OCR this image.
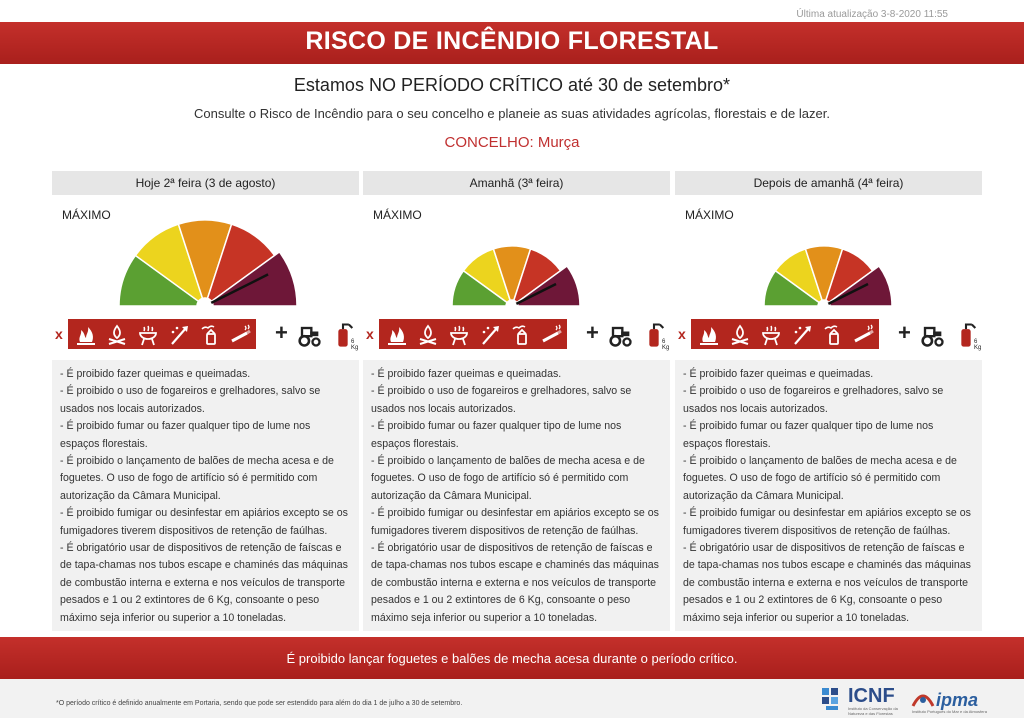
Última atualização 3-8-2020 11:55
RISCO DE INCÊNDIO FLORESTAL
Estamos NO PERÍODO CRÍTICO até 30 de setembro*
Consulte o Risco de Incêndio para o seu concelho e planeie as suas atividades agrícolas, florestais e de lazer.
CONCELHO: Murça
Hoje 2ª feira (3 de agosto)
MÁXIMO
x	+

- É proibido fazer queimas e queimadas.

- É proibido o uso de fogareiros e grelhadores, salvo se usados nos locais autorizados.

- É proibido fumar ou fazer qualquer tipo de lume nos espaços florestais.

- É proibido o lançamento de balões de mecha acesa e de foguetes. O uso de fogo de artifício só é permitido com autorização da Câmara Municipal.

- É proibido fumigar ou desinfestar em apiários excepto se os fumigadores tiverem dispositivos de retenção de faúlhas.

- É obrigatório usar de dispositivos de retenção de faíscas e de tapa-chamas nos tubos escape e chaminés das máquinas de combustão interna e externa e nos veículos de transporte pesados e 1 ou 2 extintores de 6 Kg, consoante o peso máximo seja inferior ou superior a 10 toneladas.

6 Kg
Amanhã (3ª feira)
MÁXIMO
x	+

- É proibido fazer queimas e queimadas.

- É proibido o uso de fogareiros e grelhadores, salvo se usados nos locais autorizados.

- É proibido fumar ou fazer qualquer tipo de lume nos espaços florestais.

- É proibido o lançamento de balões de mecha acesa e de foguetes. O uso de fogo de artifício só é permitido com autorização da Câmara Municipal.

- É proibido fumigar ou desinfestar em apiários excepto se os fumigadores tiverem dispositivos de retenção de faúlhas.

- É obrigatório usar de dispositivos de retenção de faíscas e de tapa-chamas nos tubos escape e chaminés das máquinas de combustão interna e externa e nos veículos de transporte pesados e 1 ou 2 extintores de 6 Kg, consoante o peso máximo seja inferior ou superior a 10 toneladas.

6 Kg
Depois de amanhã (4ª feira)
MÁXIMO
x	+

- É proibido fazer queimas e queimadas.

- É proibido o uso de fogareiros e grelhadores, salvo se usados nos locais autorizados.

- É proibido fumar ou fazer qualquer tipo de lume nos espaços florestais.

- É proibido o lançamento de balões de mecha acesa e de foguetes. O uso de fogo de artifício só é permitido com autorização da Câmara Municipal.

- É proibido fumigar ou desinfestar em apiários excepto se os fumigadores tiverem dispositivos de retenção de faúlhas.

- É obrigatório usar de dispositivos de retenção de faíscas e de tapa-chamas nos tubos escape e chaminés das máquinas de combustão interna e externa e nos veículos de transporte pesados e 1 ou 2 extintores de 6 Kg, consoante o peso máximo seja inferior ou superior a 10 toneladas.

6 Kg
É proibido lançar foguetes e balões de mecha acesa durante o período crítico.
*O período crítico é definido anualmente em Portaria, sendo que pode ser estendido para além do dia 1 de julho a 30 de setembro.	ICNF
Instituto da Conservação da Natureza e das Florestas
ipma
Instituto Português do Mar e da Atmosfera
